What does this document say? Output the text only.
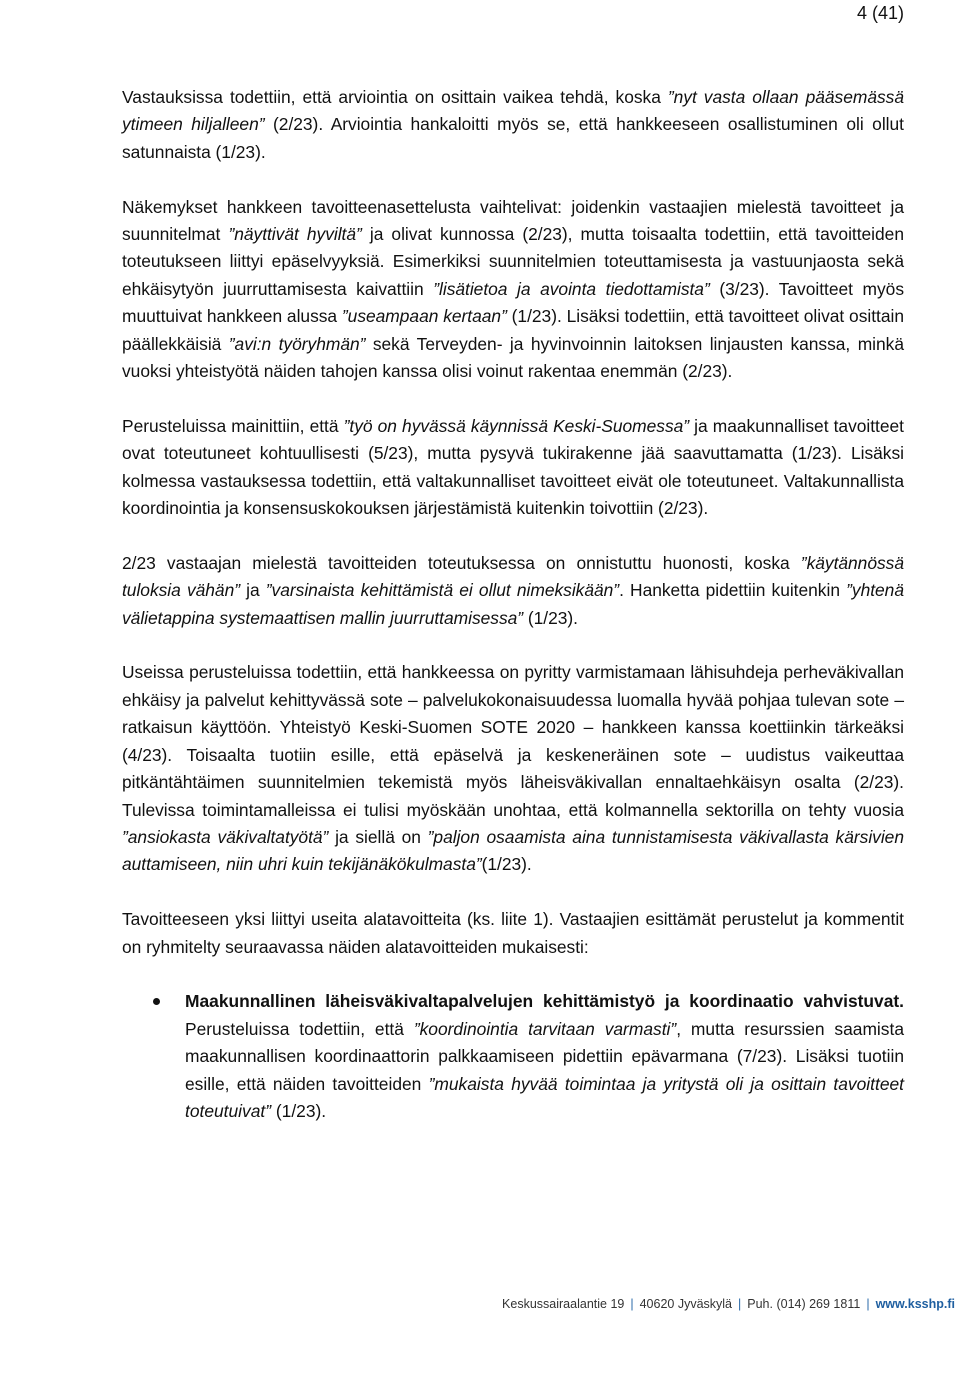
4 (41)

Vastauksissa todettiin, että arviointia on osittain vaikea tehdä, koska ”nyt vasta ollaan pääsemässä ytimeen hiljalleen” (2/23). Arviointia hankaloitti myös se, että hankkeeseen osallistuminen oli ollut satunnaista (1/23).

Näkemykset hankkeen tavoitteenasettelusta vaihtelivat: joidenkin vastaajien mielestä tavoitteet ja suunnitelmat ”näyttivät hyviltä” ja olivat kunnossa (2/23), mutta toisaalta todettiin, että tavoitteiden toteutukseen liittyi epäselvyyksiä. Esimerkiksi suunnitelmien toteuttamisesta ja vastuunjaosta sekä ehkäisytyön juurruttamisesta kaivattiin ”lisätietoa ja avointa tiedottamista” (3/23). Tavoitteet myös muuttuivat hankkeen alussa ”useampaan kertaan” (1/23). Lisäksi todettiin, että tavoitteet olivat osittain päällekkäisiä ”avi:n työryhmän” sekä Terveyden- ja hyvinvoinnin laitoksen linjausten kanssa, minkä vuoksi yhteistyötä näiden tahojen kanssa olisi voinut rakentaa enemmän (2/23).

Perusteluissa mainittiin, että ”työ on hyvässä käynnissä Keski-Suomessa” ja maakunnalliset tavoitteet ovat toteutuneet kohtuullisesti (5/23), mutta pysyvä tukirakenne jää saavuttamatta (1/23). Lisäksi kolmessa vastauksessa todettiin, että valtakunnalliset tavoitteet eivät ole toteutuneet. Valtakunnallista koordinointia ja konsensuskokouksen järjestämistä kuitenkin toivottiin (2/23).

2/23 vastaajan mielestä tavoitteiden toteutuksessa on onnistuttu huonosti, koska ”käytännössä tuloksia vähän” ja ”varsinaista kehittämistä ei ollut nimeksikään”. Hanketta pidettiin kuitenkin ”yhtenä välietappina systemaattisen mallin juurruttamisessa” (1/23).

Useissa perusteluissa todettiin, että hankkeessa on pyritty varmistamaan lähisuhdeja perheväkivallan ehkäisy ja palvelut kehittyvässä sote – palvelukokonaisuudessa luomalla hyvää pohjaa tulevan sote – ratkaisun käyttöön. Yhteistyö Keski-Suomen SOTE 2020 – hankkeen kanssa koettiinkin tärkeäksi (4/23). Toisaalta tuotiin esille, että epäselvä ja keskeneräinen sote – uudistus vaikeuttaa pitkäntähtäimen suunnitelmien tekemistä myös läheisväkivallan ennaltaehkäisyn osalta (2/23). Tulevissa toimintamalleissa ei tulisi myöskään unohtaa, että kolmannella sektorilla on tehty vuosia ”ansiokasta väkivaltatyötä” ja siellä on ”paljon osaamista aina tunnistamisesta väkivallasta kärsivien auttamiseen, niin uhri kuin tekijänäkökulmasta”(1/23).

Tavoitteeseen yksi liittyi useita alatavoitteita (ks. liite 1). Vastaajien esittämät perustelut ja kommentit on ryhmitelty seuraavassa näiden alatavoitteiden mukaisesti:

Maakunnallinen läheisväkivaltapalvelujen kehittämistyö ja koordinaatio vahvistuvat. Perusteluissa todettiin, että ”koordinointia tarvitaan varmasti”, mutta resurssien saamista maakunnallisen koordinaattorin palkkaamiseen pidettiin epävarmana (7/23). Lisäksi tuotiin esille, että näiden tavoitteiden ”mukaista hyvää toimintaa ja yritystä oli ja osittain tavoitteet toteutuivat” (1/23).
Keskussairaalantie 19 | 40620 Jyväskylä | Puh. (014) 269 1811 | www.ksshp.fi
